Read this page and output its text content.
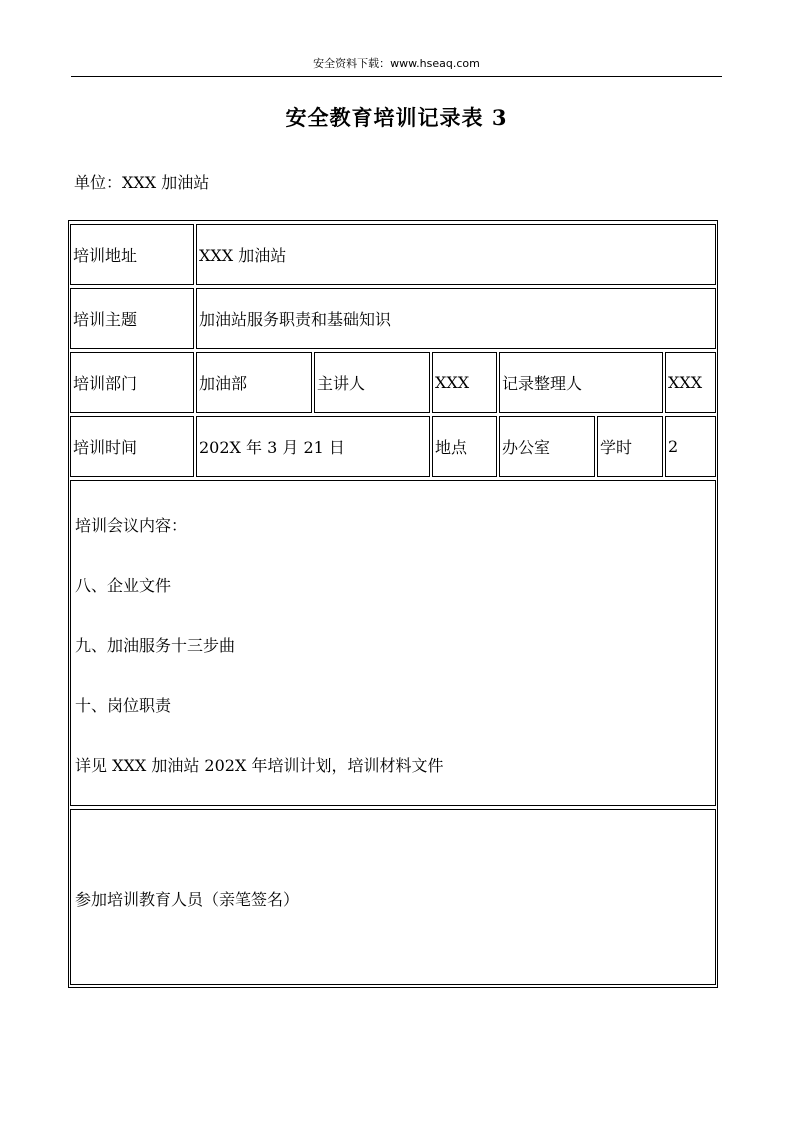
安全资料下载：www.hseaq.com
安全教育培训记录表 3
单位：XXX 加油站
培训地址	XXX 加油站
培训主题	加油站服务职责和基础知识
培训部门	加油部	主讲人	XXX	记录整理人	XXX
培训时间	202X 年 3 月 21 日	地点	办公室	学时	2
培训会议内容：
八、企业文件
九、加油服务十三步曲
十、岗位职责
详见 XXX 加油站 202X 年培训计划，培训材料文件
参加培训教育人员（亲笔签名）
